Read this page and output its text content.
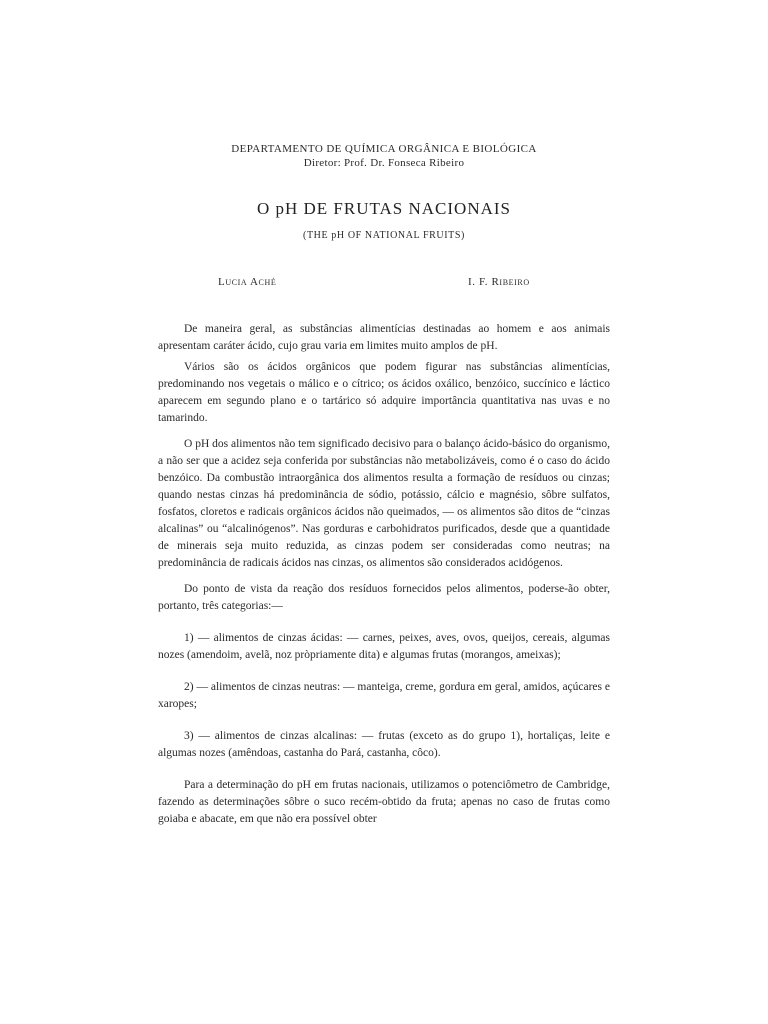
DEPARTAMENTO DE QUÍMICA ORGÂNICA E BIOLÓGICA
Diretor: Prof. Dr. Fonseca Ribeiro
O pH DE FRUTAS NACIONAIS
(THE pH OF NATIONAL FRUITS)
Lucia Aché	I. F. Ribeiro

De maneira geral, as substâncias alimentícias destinadas ao homem e aos animais apresentam caráter ácido, cujo grau varia em limites muito amplos de pH.

Vários são os ácidos orgânicos que podem figurar nas substâncias alimentícias, predominando nos vegetais o málico e o cítrico; os ácidos oxálico, benzóico, succínico e láctico aparecem em segundo plano e o tartárico só adquire importância quantitativa nas uvas e no tamarindo.

O pH dos alimentos não tem significado decisivo para o balanço ácido-básico do organismo, a não ser que a acidez seja conferida por substâncias não metabolizáveis, como é o caso do ácido benzóico. Da combustão intraorgânica dos alimentos resulta a formação de resíduos ou cinzas; quando nestas cinzas há predominância de sódio, potássio, cálcio e magnésio, sôbre sulfatos, fosfatos, cloretos e radicais orgânicos ácidos não queimados, — os alimentos são ditos de “cinzas alcalinas” ou “alcalinógenos”. Nas gorduras e carbohidratos purificados, desde que a quantidade de minerais seja muito reduzida, as cinzas podem ser consideradas como neutras; na predominância de radicais ácidos nas cinzas, os alimentos são considerados acidógenos.

Do ponto de vista da reação dos resíduos fornecidos pelos alimentos, poderse-ão obter, portanto, três categorias:—

1) — alimentos de cinzas ácidas: — carnes, peixes, aves, ovos, queijos, cereais, algumas nozes (amendoim, avelã, noz pròpriamente dita) e algumas frutas (morangos, ameixas);

2) — alimentos de cinzas neutras: — manteiga, creme, gordura em geral, amidos, açúcares e xaropes;

3) — alimentos de cinzas alcalinas: — frutas (exceto as do grupo 1), hortaliças, leite e algumas nozes (amêndoas, castanha do Pará, castanha, côco).

Para a determinação do pH em frutas nacionais, utilizamos o potenciômetro de Cambridge, fazendo as determinações sôbre o suco recém-obtido da fruta; apenas no caso de frutas como goiaba e abacate, em que não era possível obter
